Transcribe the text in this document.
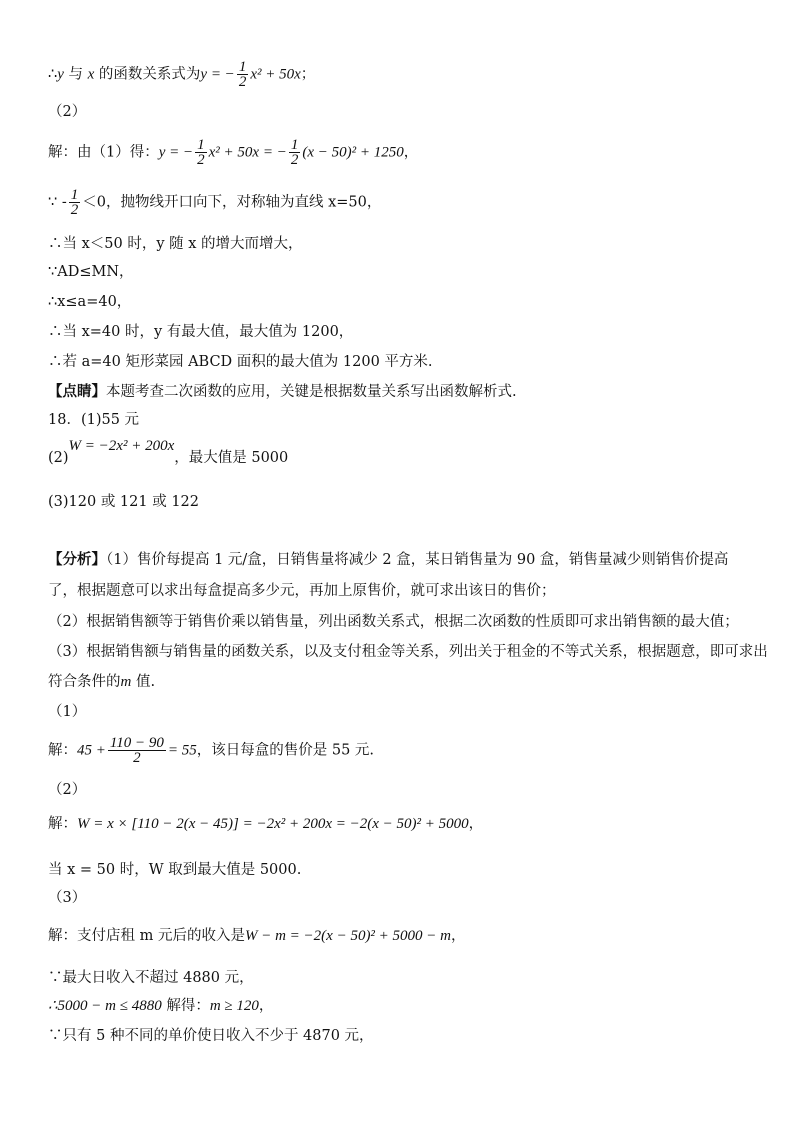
∴y 与 x 的函数关系式为y = − $\frac{1}{2} x^2 + 50x$；
（2）
解：由（1）得：y = − $\frac{1}{2} x^2 + 50x$ = − $\frac{1}{2} (x - 50)^2 + 1250$，
∵ - $\frac{1}{2} <0$，抛物线开口向下，对称轴为直线 x=50，
∴当 x＜50 时，y 随 x 的增大而增大，
∵AD≤MN，
∴x≤a=40，
∴当 x=40 时，y 有最大值，最大值为 1200，
∴若 a=40 矩形菜园 ABCD 面积的最大值为 1200 平方米.
【点睛】本题考查二次函数的应用，关键是根据数量关系写出函数解析式.
18．(1)55 元
(2)W = −2x² + 200x，最大值是 5000
(3)120 或 121 或 122
【分析】（1）售价每提高 1 元/盒，日销售量将减少 2 盒，某日销售量为 90 盒，销售量减少则销售价提高了，根据题意可以求出每盒提高多少元，再加上原售价，就可求出该日的售价；
（2）根据销售额等于销售价乘以销售量，列出函数关系式，根据二次函数的性质即可求出销售额的最大值；
（3）根据销售额与销售量的函数关系，以及支付租金等关系，列出关于租金的不等式关系，根据题意，即可求出
符合条件的m 值.
（1）
解：$45 + \frac{110 - 90}{2} = 55$，该日每盒的售价是 55 元.
（2）
解：W = x × [110 − 2(x − 45)] = −2x² + 200x = −2(x − 50)² + 5000，
当 x = 50 时，W 取到最大值是 5000.
（3）
解：支付店租 m 元后的收入是W − m = −2(x − 50)² + 5000 − m，
∵最大日收入不超过 4880 元，
∴5000 − m ≤ 4880 解得：m ≥ 120，
∵只有 5 种不同的单价使日收入不少于 4870 元，
